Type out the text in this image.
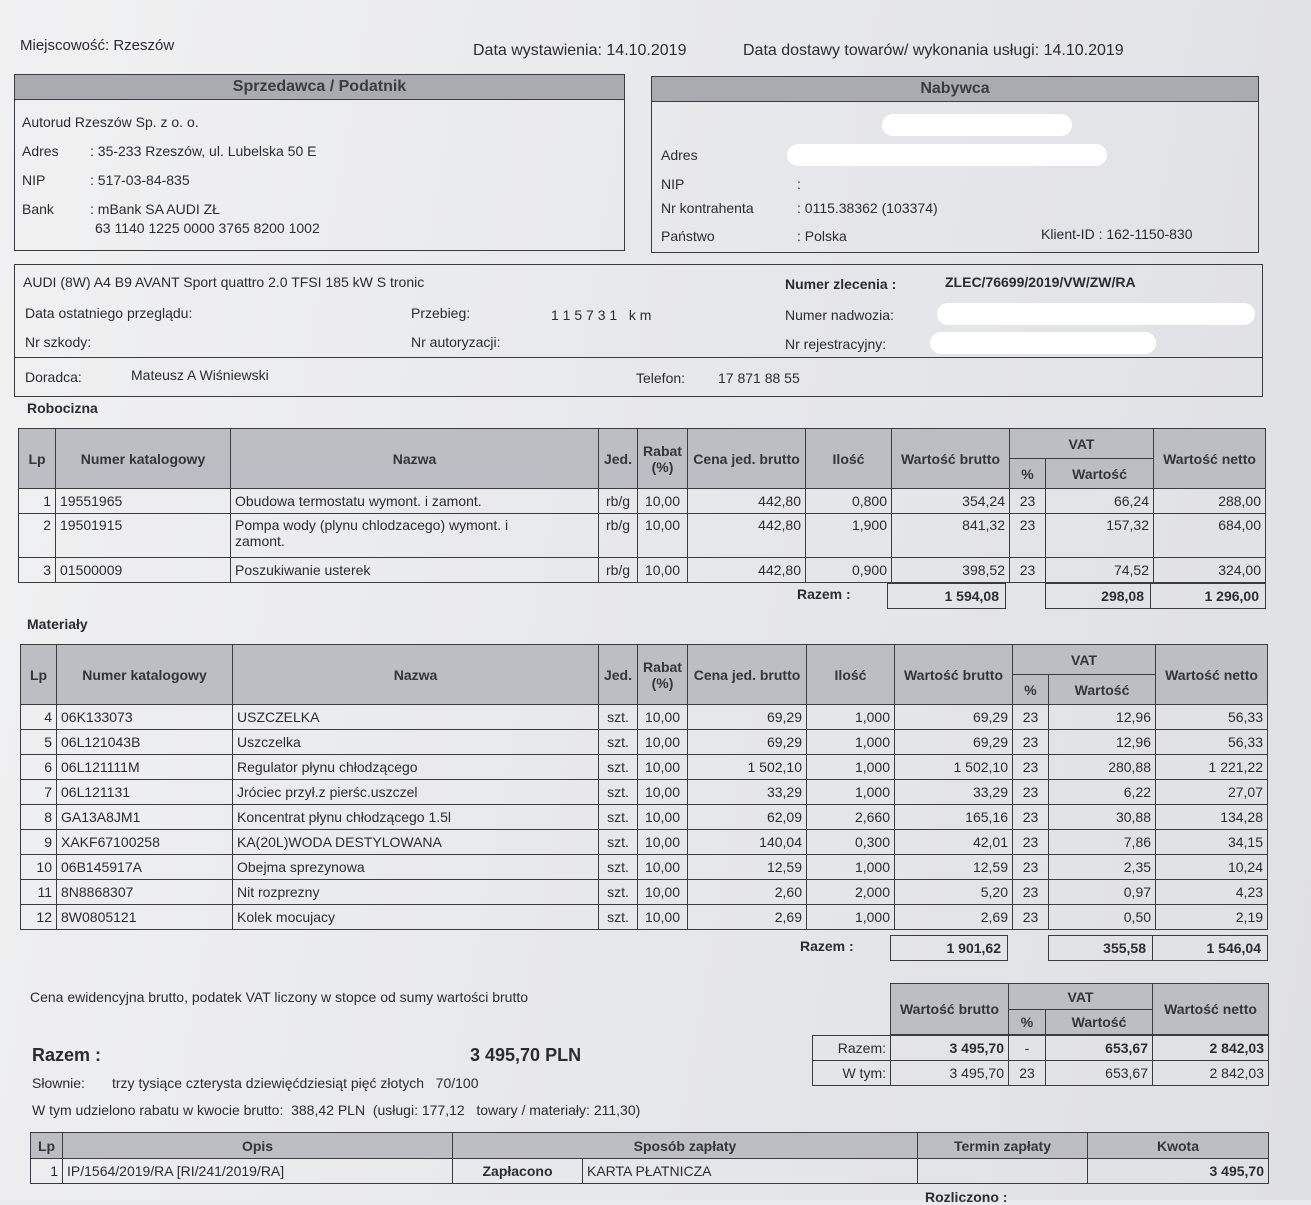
Miejscowość: Rzeszów	Data wystawienia: 14.10.2019	Data dostawy towarów/ wykonania usługi: 14.10.2019
Sprzedawca / Podatnik
Autorud Rzeszów Sp. z o. o.
Adres : 35-233 Rzeszów, ul. Lubelska 50 E
NIP	: 517-03-84-835
Bank	: mBank SA AUDI ZŁ
63 1140 1225 0000 3765 8200 1002
Nabywca
Adres
NIP	:
Nr kontrahenta	: 0115.38362 (103374)
Państwo	: Polska	Klient-ID : 162-1150-830
AUDI (8W) A4 B9 AVANT Sport quattro 2.0 TFSI 185 kW S tronic	Numer zlecenia :	ZLEC/76699/2019/VW/ZW/RA
Data ostatniego przeglądu:	Przebieg:	1 1 5 7 3 1   k m	Numer nadwozia:
Nr szkody:	Nr autoryzacji:	Nr rejestracyjny:
Doradca:	Mateusz A Wiśniewski	Telefon: 17 871 88 55
Robocizna
Lp	Numer katalogowy	Nazwa	Jed.	Rabat (%)	Cena jed. brutto	Ilość	Wartość brutto	VAT		Wartość netto
								%	Wartość	
1	19551965	Obudowa termostatu wymont. i zamont.	rb/g	10,00	442,80	0,800	354,24	23	66,24	288,00
2	19501915	Pompa wody (plynu chlodzacego) wymont. i
zamont.	rb/g	10,00	442,80	1,900	841,32	23	157,32	684,00
3	01500009	Poszukiwanie usterek	rb/g	10,00	442,80	0,900	398,52	23	74,52	324,00
Razem :	1 594,08	298,08	1 296,00
Materiały
Lp	Numer katalogowy	Nazwa	Jed.	Rabat (%)	Cena jed. brutto	Ilość	Wartość brutto	VAT		Wartość netto
								%	Wartość	
4	06K133073	USZCZELKA	szt.	10,00	69,29	1,000	69,29	23	12,96	56,33
5	06L121043B	Uszczelka	szt.	10,00	69,29	1,000	69,29	23	12,96	56,33
6	06L121111M	Regulator płynu chłodzącego	szt.	10,00	1 502,10	1,000	1 502,10	23	280,88	1 221,22
7	06L121131	Jróciec przył.z pierśc.uszczel	szt.	10,00	33,29	1,000	33,29	23	6,22	27,07
8	GA13A8JM1	Koncentrat płynu chłodzącego 1.5l	szt.	10,00	62,09	2,660	165,16	23	30,88	134,28
9	XAKF67100258	KA(20L)WODA DESTYLOWANA	szt.	10,00	140,04	0,300	42,01	23	7,86	34,15
10	06B145917A	Obejma sprezynowa	szt.	10,00	12,59	1,000	12,59	23	2,35	10,24
11	8N8868307	Nit rozprezny	szt.	10,00	2,60	2,000	5,20	23	0,97	4,23
12	8W0805121	Kolek mocujacy	szt.	10,00	2,69	1,000	2,69	23	0,50	2,19
Razem :	1 901,62	355,58	1 546,04
Cena ewidencyjna brutto, podatek VAT liczony w stopce od sumy wartości brutto
Razem :	3 495,70 PLN
Słownie: trzy tysiące czterysta dziewięćdziesiąt pięć złotych   70/100
W tym udzielono rabatu w kwocie brutto:  388,42 PLN  (usługi: 177,12   towary / materiały: 211,30)
Wartość brutto	VAT		Wartość netto
	%	Wartość	
Razem:	3 495,70	-	653,67	2 842,03
W tym:	3 495,70	23	653,67	2 842,03
Lp	Opis	Sposób zapłaty		Termin zapłaty	Kwota
1	IP/1564/2019/RA [RI/241/2019/RA]	Zapłacono	KARTA PŁATNICZA		3 495,70
Rozliczono :
